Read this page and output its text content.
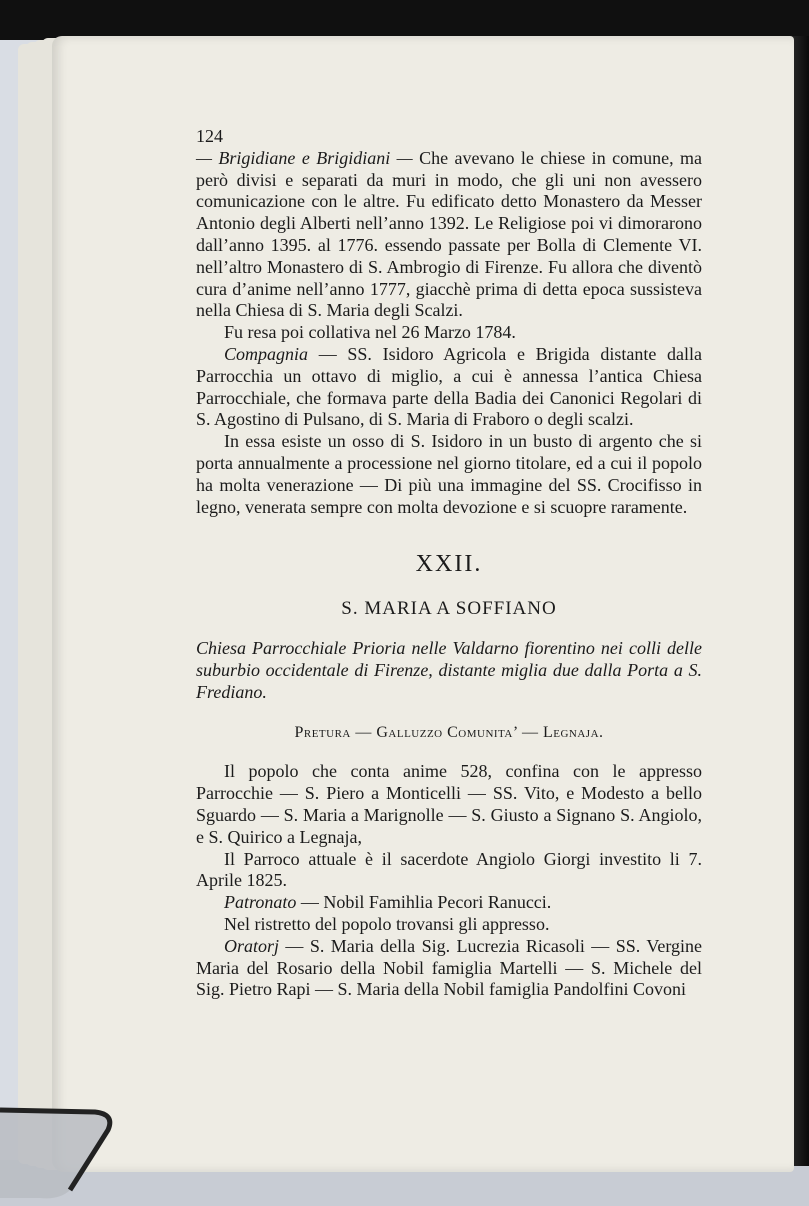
124

— Brigidiane e Brigidiani — Che avevano le chiese in comune, ma però divisi e separati da muri in modo, che gli uni non avessero comunicazione con le altre. Fu edificato detto Monastero da Messer Antonio degli Alberti nell’anno 1392. Le Religiose poi vi dimorarono dall’anno 1395. al 1776. essendo passate per Bolla di Clemente VI. nell’altro Monastero di S. Ambrogio di Firenze. Fu allora che diventò cura d’anime nell’anno 1777, giacchè prima di detta epoca sussisteva nella Chiesa di S. Maria degli Scalzi.

Fu resa poi collativa nel 26 Marzo 1784.

Compagnia — SS. Isidoro Agricola e Brigida distante dalla Parrocchia un ottavo di miglio, a cui è annessa l’antica Chiesa Parrocchiale, che formava parte della Badia dei Canonici Regolari di S. Agostino di Pulsano, di S. Maria di Fraboro o degli scalzi.

In essa esiste un osso di S. Isidoro in un busto di argento che si porta annualmente a processione nel giorno titolare, ed a cui il popolo ha molta venerazione — Di più una immagine del SS. Crocifisso in legno, venerata sempre con molta devozione e si scuopre raramente.

XXII.

S. MARIA A SOFFIANO

Chiesa Parrocchiale Prioria nelle Valdarno fiorentino nei colli delle suburbio occidentale di Firenze, distante miglia due dalla Porta a S. Frediano.

Pretura — Galluzzo Comunita’ — Legnaja.

Il popolo che conta anime 528, confina con le appresso Parrocchie — S. Piero a Monticelli — SS. Vito, e Modesto a bello Sguardo — S. Maria a Marignolle — S. Giusto a Signano S. Angiolo, e S. Quirico a Legnaja,

Il Parroco attuale è il sacerdote Angiolo Giorgi investito li 7. Aprile 1825.

Patronato — Nobil Famihlia Pecori Ranucci.

Nel ristretto del popolo trovansi gli appresso.

Oratorj — S. Maria della Sig. Lucrezia Ricasoli — SS. Vergine Maria del Rosario della Nobil famiglia Martelli — S. Michele del Sig. Pietro Rapi — S. Maria della Nobil famiglia Pandolfini Covoni
